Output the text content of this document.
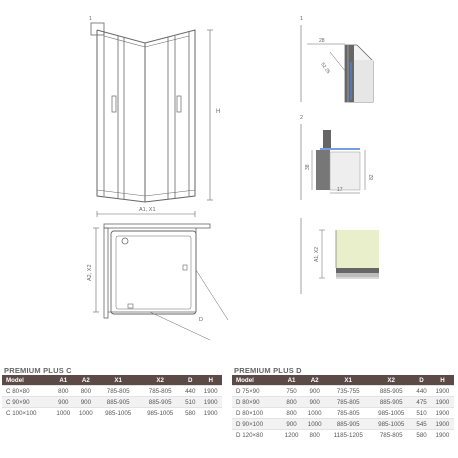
1
H
A1, X1
D
A2, X2
1
28
52.25
2
38
17
82
A1, X2
PREMIUM PLUS C
Model	A1	A2	X1	X2	D	H
C 80×80	800	800	785-805	785-805	440	1900
C 90×90	900	900	885-905	885-905	510	1900
C 100×100	1000	1000	985-1005	985-1005	580	1900
PREMIUM PLUS D
Model	A1	A2	X1	X2	D	H
D 75×90	750	900	735-755	885-905	440	1900
D 80×90	800	900	785-805	885-905	475	1900
D 80×100	800	1000	785-805	985-1005	510	1900
D 90×100	900	1000	885-905	985-1005	545	1900
D 120×80	1200	800	1185-1205	785-805	580	1900
